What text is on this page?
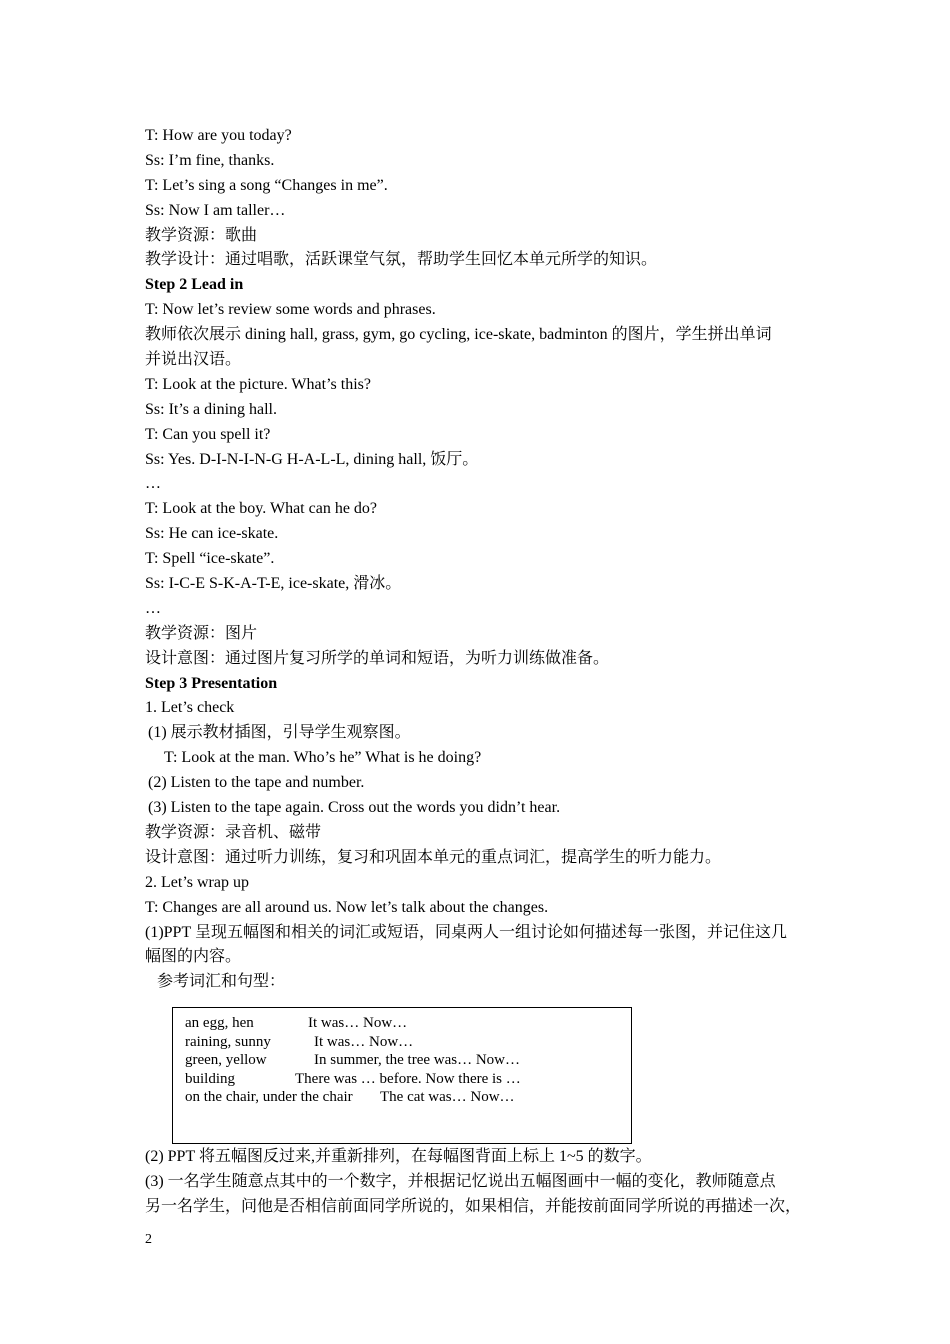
T: How are you today?
Ss: I’m fine, thanks.
T: Let’s sing a song “Changes in me”.
Ss: Now I am taller…
教学资源：歌曲
教学设计：通过唱歌，活跃课堂气氛，帮助学生回忆本单元所学的知识。
Step 2 Lead in
T: Now let’s review some words and phrases.
教师依次展示 dining hall, grass, gym, go cycling, ice-skate, badminton 的图片，学生拼出单词
并说出汉语。
T: Look at the picture. What’s this?
Ss: It’s a dining hall.
T: Can you spell it?
Ss: Yes. D-I-N-I-N-G H-A-L-L, dining hall, 饭厅。
…
T: Look at the boy. What can he do?
Ss: He can ice-skate.
T: Spell “ice-skate”.
Ss: I-C-E S-K-A-T-E, ice-skate, 滑冰。
…
教学资源：图片
设计意图：通过图片复习所学的单词和短语，为听力训练做准备。
Step 3 Presentation
1. Let’s check
(1) 展示教材插图，引导学生观察图。
T: Look at the man. Who’s he” What is he doing?
(2) Listen to the tape and number.
(3) Listen to the tape again. Cross out the words you didn’t hear.
教学资源：录音机、磁带
设计意图：通过听力训练，复习和巩固本单元的重点词汇，提高学生的听力能力。
2. Let’s wrap up
T: Changes are all around us. Now let’s talk about the changes.
(1)PPT 呈现五幅图和相关的词汇或短语，同桌两人一组讨论如何描述每一张图，并记住这几
幅图的内容。
参考词汇和句型：
an egg, hen	It was… Now…
raining, sunny	It was… Now…
green, yellow	In summer, the tree was… Now…
building	There was … before. Now there is …
on the chair, under the chair The cat was… Now…
(2) PPT 将五幅图反过来,并重新排列，在每幅图背面上标上 1~5 的数字。
(3) 一名学生随意点其中的一个数字，并根据记忆说出五幅图画中一幅的变化，教师随意点
另一名学生，问他是否相信前面同学所说的，如果相信，并能按前面同学所说的再描述一次，
2
